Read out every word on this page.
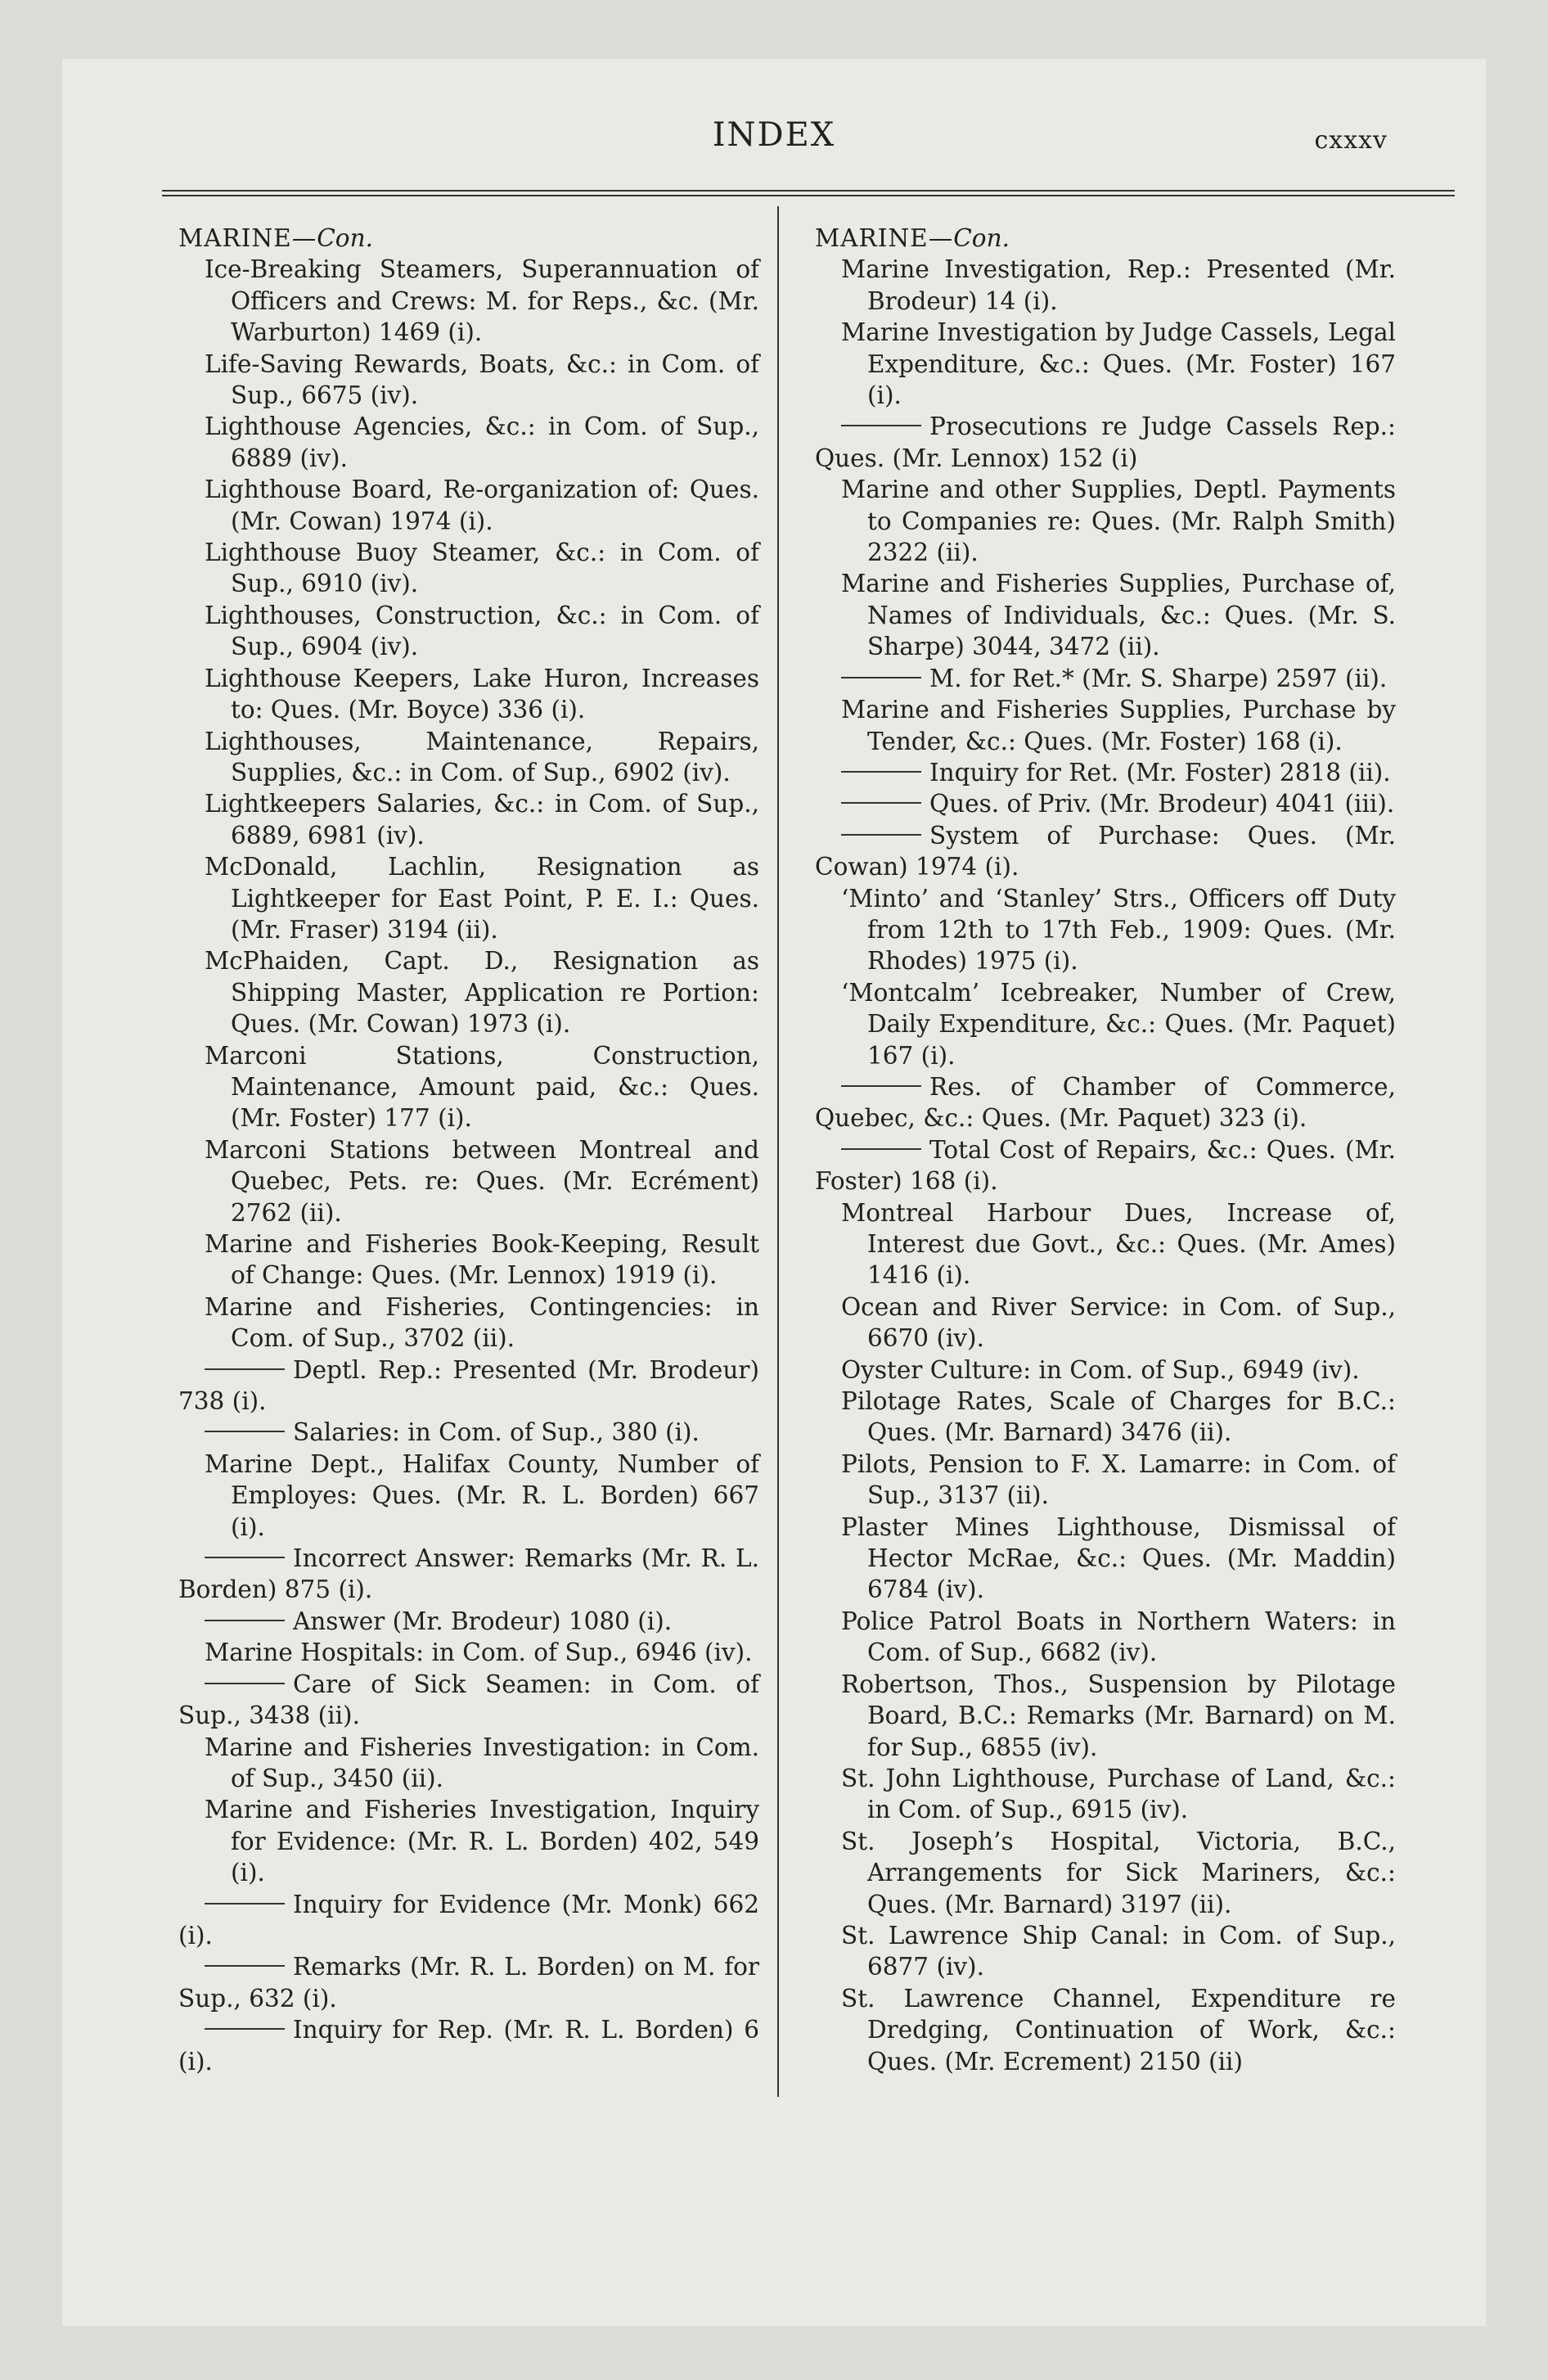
INDEX	cxxxv

MARINE—Con.

Ice-Breaking Steamers, Superannuation of Officers and Crews: M. for Reps., &c. (Mr. Warburton) 1469 (i).

Life-Saving Rewards, Boats, &c.: in Com. of Sup., 6675 (iv).

Lighthouse Agencies, &c.: in Com. of Sup., 6889 (iv).

Lighthouse Board, Re-organization of: Ques. (Mr. Cowan) 1974 (i).

Lighthouse Buoy Steamer, &c.: in Com. of Sup., 6910 (iv).

Lighthouses, Construction, &c.: in Com. of Sup., 6904 (iv).

Lighthouse Keepers, Lake Huron, Increases to: Ques. (Mr. Boyce) 336 (i).

Lighthouses, Maintenance, Repairs, Supplies, &c.: in Com. of Sup., 6902 (iv).

Lightkeepers Salaries, &c.: in Com. of Sup., 6889, 6981 (iv).

McDonald, Lachlin, Resignation as Lightkeeper for East Point, P. E. I.: Ques. (Mr. Fraser) 3194 (ii).

McPhaiden, Capt. D., Resignation as Shipping Master, Application re Portion: Ques. (Mr. Cowan) 1973 (i).

Marconi Stations, Construction, Maintenance, Amount paid, &c.: Ques. (Mr. Foster) 177 (i).

Marconi Stations between Montreal and Quebec, Pets. re: Ques. (Mr. Ecrément) 2762 (ii).

Marine and Fisheries Book-Keeping, Result of Change: Ques. (Mr. Lennox) 1919 (i).

Marine and Fisheries, Contingencies: in Com. of Sup., 3702 (ii).

Deptl. Rep.: Presented (Mr. Brodeur) 738 (i).

Salaries: in Com. of Sup., 380 (i).

Marine Dept., Halifax County, Number of Employes: Ques. (Mr. R. L. Borden) 667 (i).

Incorrect Answer: Remarks (Mr. R. L. Borden) 875 (i).

Answer (Mr. Brodeur) 1080 (i).

Marine Hospitals: in Com. of Sup., 6946 (iv).

Care of Sick Seamen: in Com. of Sup., 3438 (ii).

Marine and Fisheries Investigation: in Com. of Sup., 3450 (ii).

Marine and Fisheries Investigation, Inquiry for Evidence: (Mr. R. L. Borden) 402, 549 (i).

Inquiry for Evidence (Mr. Monk) 662 (i).

Remarks (Mr. R. L. Borden) on M. for Sup., 632 (i).

Inquiry for Rep. (Mr. R. L. Borden) 6 (i).

MARINE—Con.

Marine Investigation, Rep.: Presented (Mr. Brodeur) 14 (i).

Marine Investigation by Judge Cassels, Legal Expenditure, &c.: Ques. (Mr. Foster) 167 (i).

Prosecutions re Judge Cassels Rep.: Ques. (Mr. Lennox) 152 (i)

Marine and other Supplies, Deptl. Payments to Companies re: Ques. (Mr. Ralph Smith) 2322 (ii).

Marine and Fisheries Supplies, Purchase of, Names of Individuals, &c.: Ques. (Mr. S. Sharpe) 3044, 3472 (ii).

M. for Ret.* (Mr. S. Sharpe) 2597 (ii).

Marine and Fisheries Supplies, Purchase by Tender, &c.: Ques. (Mr. Foster) 168 (i).

Inquiry for Ret. (Mr. Foster) 2818 (ii).

Ques. of Priv. (Mr. Brodeur) 4041 (iii).

System of Purchase: Ques. (Mr. Cowan) 1974 (i).

‘Minto’ and ‘Stanley’ Strs., Officers off Duty from 12th to 17th Feb., 1909: Ques. (Mr. Rhodes) 1975 (i).

‘Montcalm’ Icebreaker, Number of Crew, Daily Expenditure, &c.: Ques. (Mr. Paquet) 167 (i).

Res. of Chamber of Commerce, Quebec, &c.: Ques. (Mr. Paquet) 323 (i).

Total Cost of Repairs, &c.: Ques. (Mr. Foster) 168 (i).

Montreal Harbour Dues, Increase of, Interest due Govt., &c.: Ques. (Mr. Ames) 1416 (i).

Ocean and River Service: in Com. of Sup., 6670 (iv).

Oyster Culture: in Com. of Sup., 6949 (iv).

Pilotage Rates, Scale of Charges for B.C.: Ques. (Mr. Barnard) 3476 (ii).

Pilots, Pension to F. X. Lamarre: in Com. of Sup., 3137 (ii).

Plaster Mines Lighthouse, Dismissal of Hector McRae, &c.: Ques. (Mr. Maddin) 6784 (iv).

Police Patrol Boats in Northern Waters: in Com. of Sup., 6682 (iv).

Robertson, Thos., Suspension by Pilotage Board, B.C.: Remarks (Mr. Barnard) on M. for Sup., 6855 (iv).

St. John Lighthouse, Purchase of Land, &c.: in Com. of Sup., 6915 (iv).

St. Joseph’s Hospital, Victoria, B.C., Arrangements for Sick Mariners, &c.: Ques. (Mr. Barnard) 3197 (ii).

St. Lawrence Ship Canal: in Com. of Sup., 6877 (iv).

St. Lawrence Channel, Expenditure re Dredging, Continuation of Work, &c.: Ques. (Mr. Ecrement) 2150 (ii)
